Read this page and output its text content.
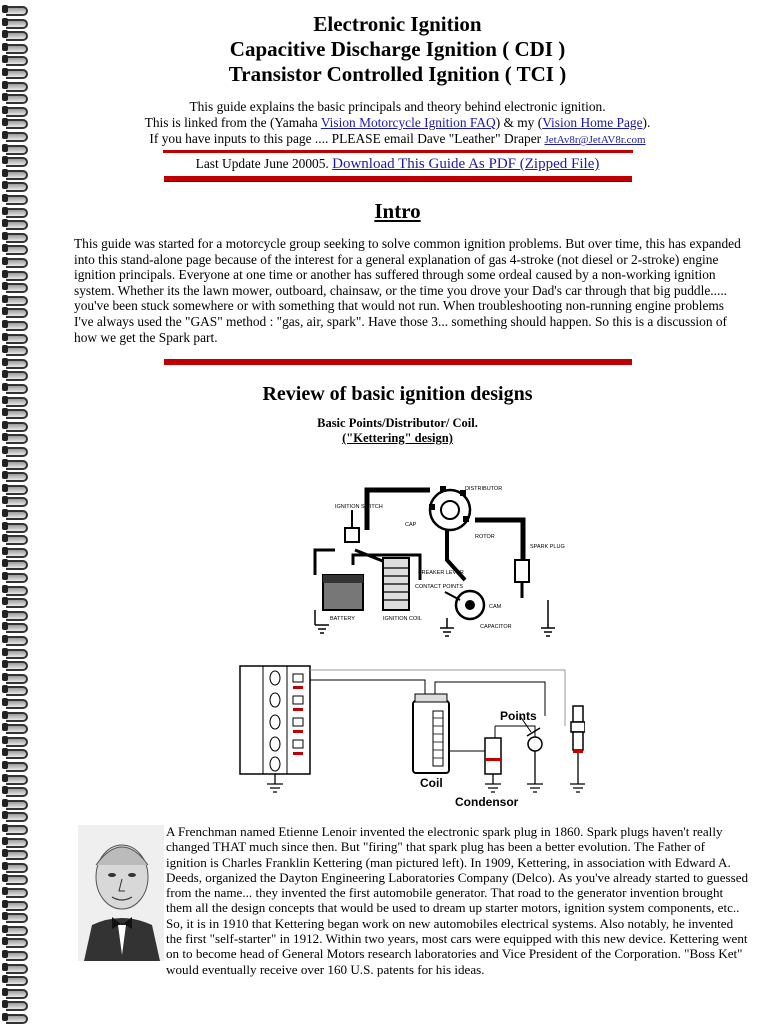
Electronic Ignition
Capacitive Discharge Ignition ( CDI )
Transistor Controlled Ignition ( TCI )
This guide explains the basic principals and theory behind electronic ignition.
This is linked from the (Yamaha Vision Motorcycle Ignition FAQ) & my (Vision Home Page).
If you have inputs to this page .... PLEASE email Dave "Leather" Draper JetAv8r@JetAV8r.com
Last Update June 20005. Download This Guide As PDF (Zipped File)
Intro

This guide was started for a motorcycle group seeking to solve common ignition problems. But over time, this has expanded into this stand-alone page because of the interest for a general explanation of gas 4-stroke (not diesel or 2-stroke) engine ignition principals. Everyone at one time or another has suffered through some ordeal caused by a non-working ignition system. Whether its the lawn mower, outboard, chainsaw, or the time you drove your Dad's car through that big puddle..... you've been stuck somewhere or with something that would not run. When troubleshooting non-running engine problems I've always used the "GAS" method : "gas, air, spark". Have those 3... something should happen. So this is a discussion of how we get the Spark part.

Review of basic ignition designs
Basic Points/Distributor/ Coil.
("Kettering" design)
DISTRIBUTOR
IGNITION SWITCH
CAP
ROTOR
SPARK PLUG
BREAKER LEVER
CONTACT POINTS
CAM
BATTERY	IGNITION COIL
CAPACITOR
Points
Coil
Condensor
A Frenchman named Etienne Lenoir invented the electronic spark plug in 1860. Spark plugs haven't really changed THAT much since then. But "firing" that spark plug has been a better evolution. The Father of ignition is Charles Franklin Kettering (man pictured left). In 1909, Kettering, in association with Edward A. Deeds, organized the Dayton Engineering Laboratories Company (Delco). As you've already started to guessed from the name... they invented the first automobile generator. That road to the generator invention brought them all the design concepts that would be used to dream up starter motors, ignition system components, etc.. So, it is in 1910 that Kettering began work on new automobiles electrical systems. Also notably, he invented the first "self-starter" in 1912. Within two years, most cars were equipped with this new device. Kettering went on to become head of General Motors research laboratories and Vice President of the Corporation. "Boss Ket" would eventually receive over 160 U.S. patents for his ideas.
